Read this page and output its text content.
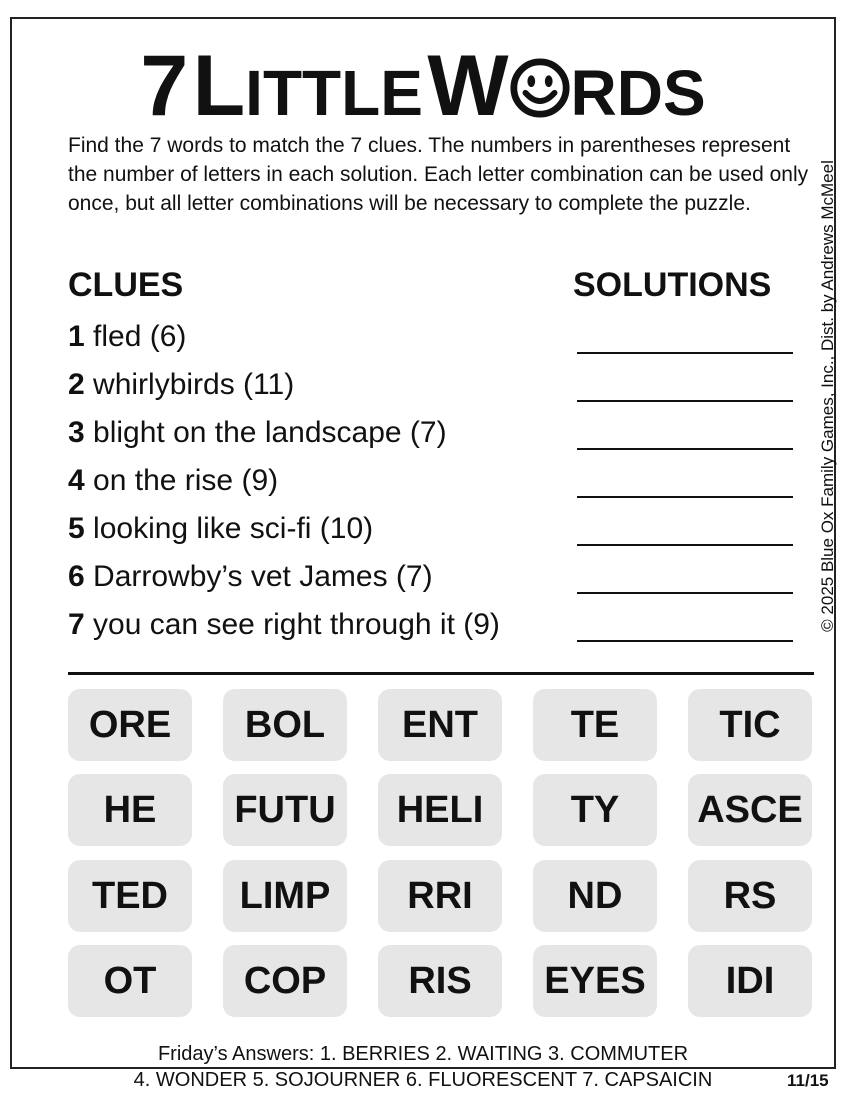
7 LITTLE W RDS
Find the 7 words to match the 7 clues. The numbers in parentheses represent the number of letters in each solution. Each letter combination can be used only once, but all letter combinations will be necessary to complete the puzzle.
CLUES	SOLUTIONS
1 fled (6)
2 whirlybirds (11)
3 blight on the landscape (7)
4 on the rise (9)
5 looking like sci-fi (10)
6 Darrowby’s vet James (7)
7 you can see right through it (9)
ORE	BOL	ENT	TE	TIC
HE	FUTU	HELI	TY	ASCE
TED	LIMP	RRI	ND	RS
OT	COP	RIS	EYES	IDI
Friday’s Answers: 1. BERRIES 2. WAITING 3. COMMUTER
4. WONDER 5. SOJOURNER 6. FLUORESCENT 7. CAPSAICIN	11/15
© 2025 Blue Ox Family Games, Inc., Dist. by Andrews McMeel
